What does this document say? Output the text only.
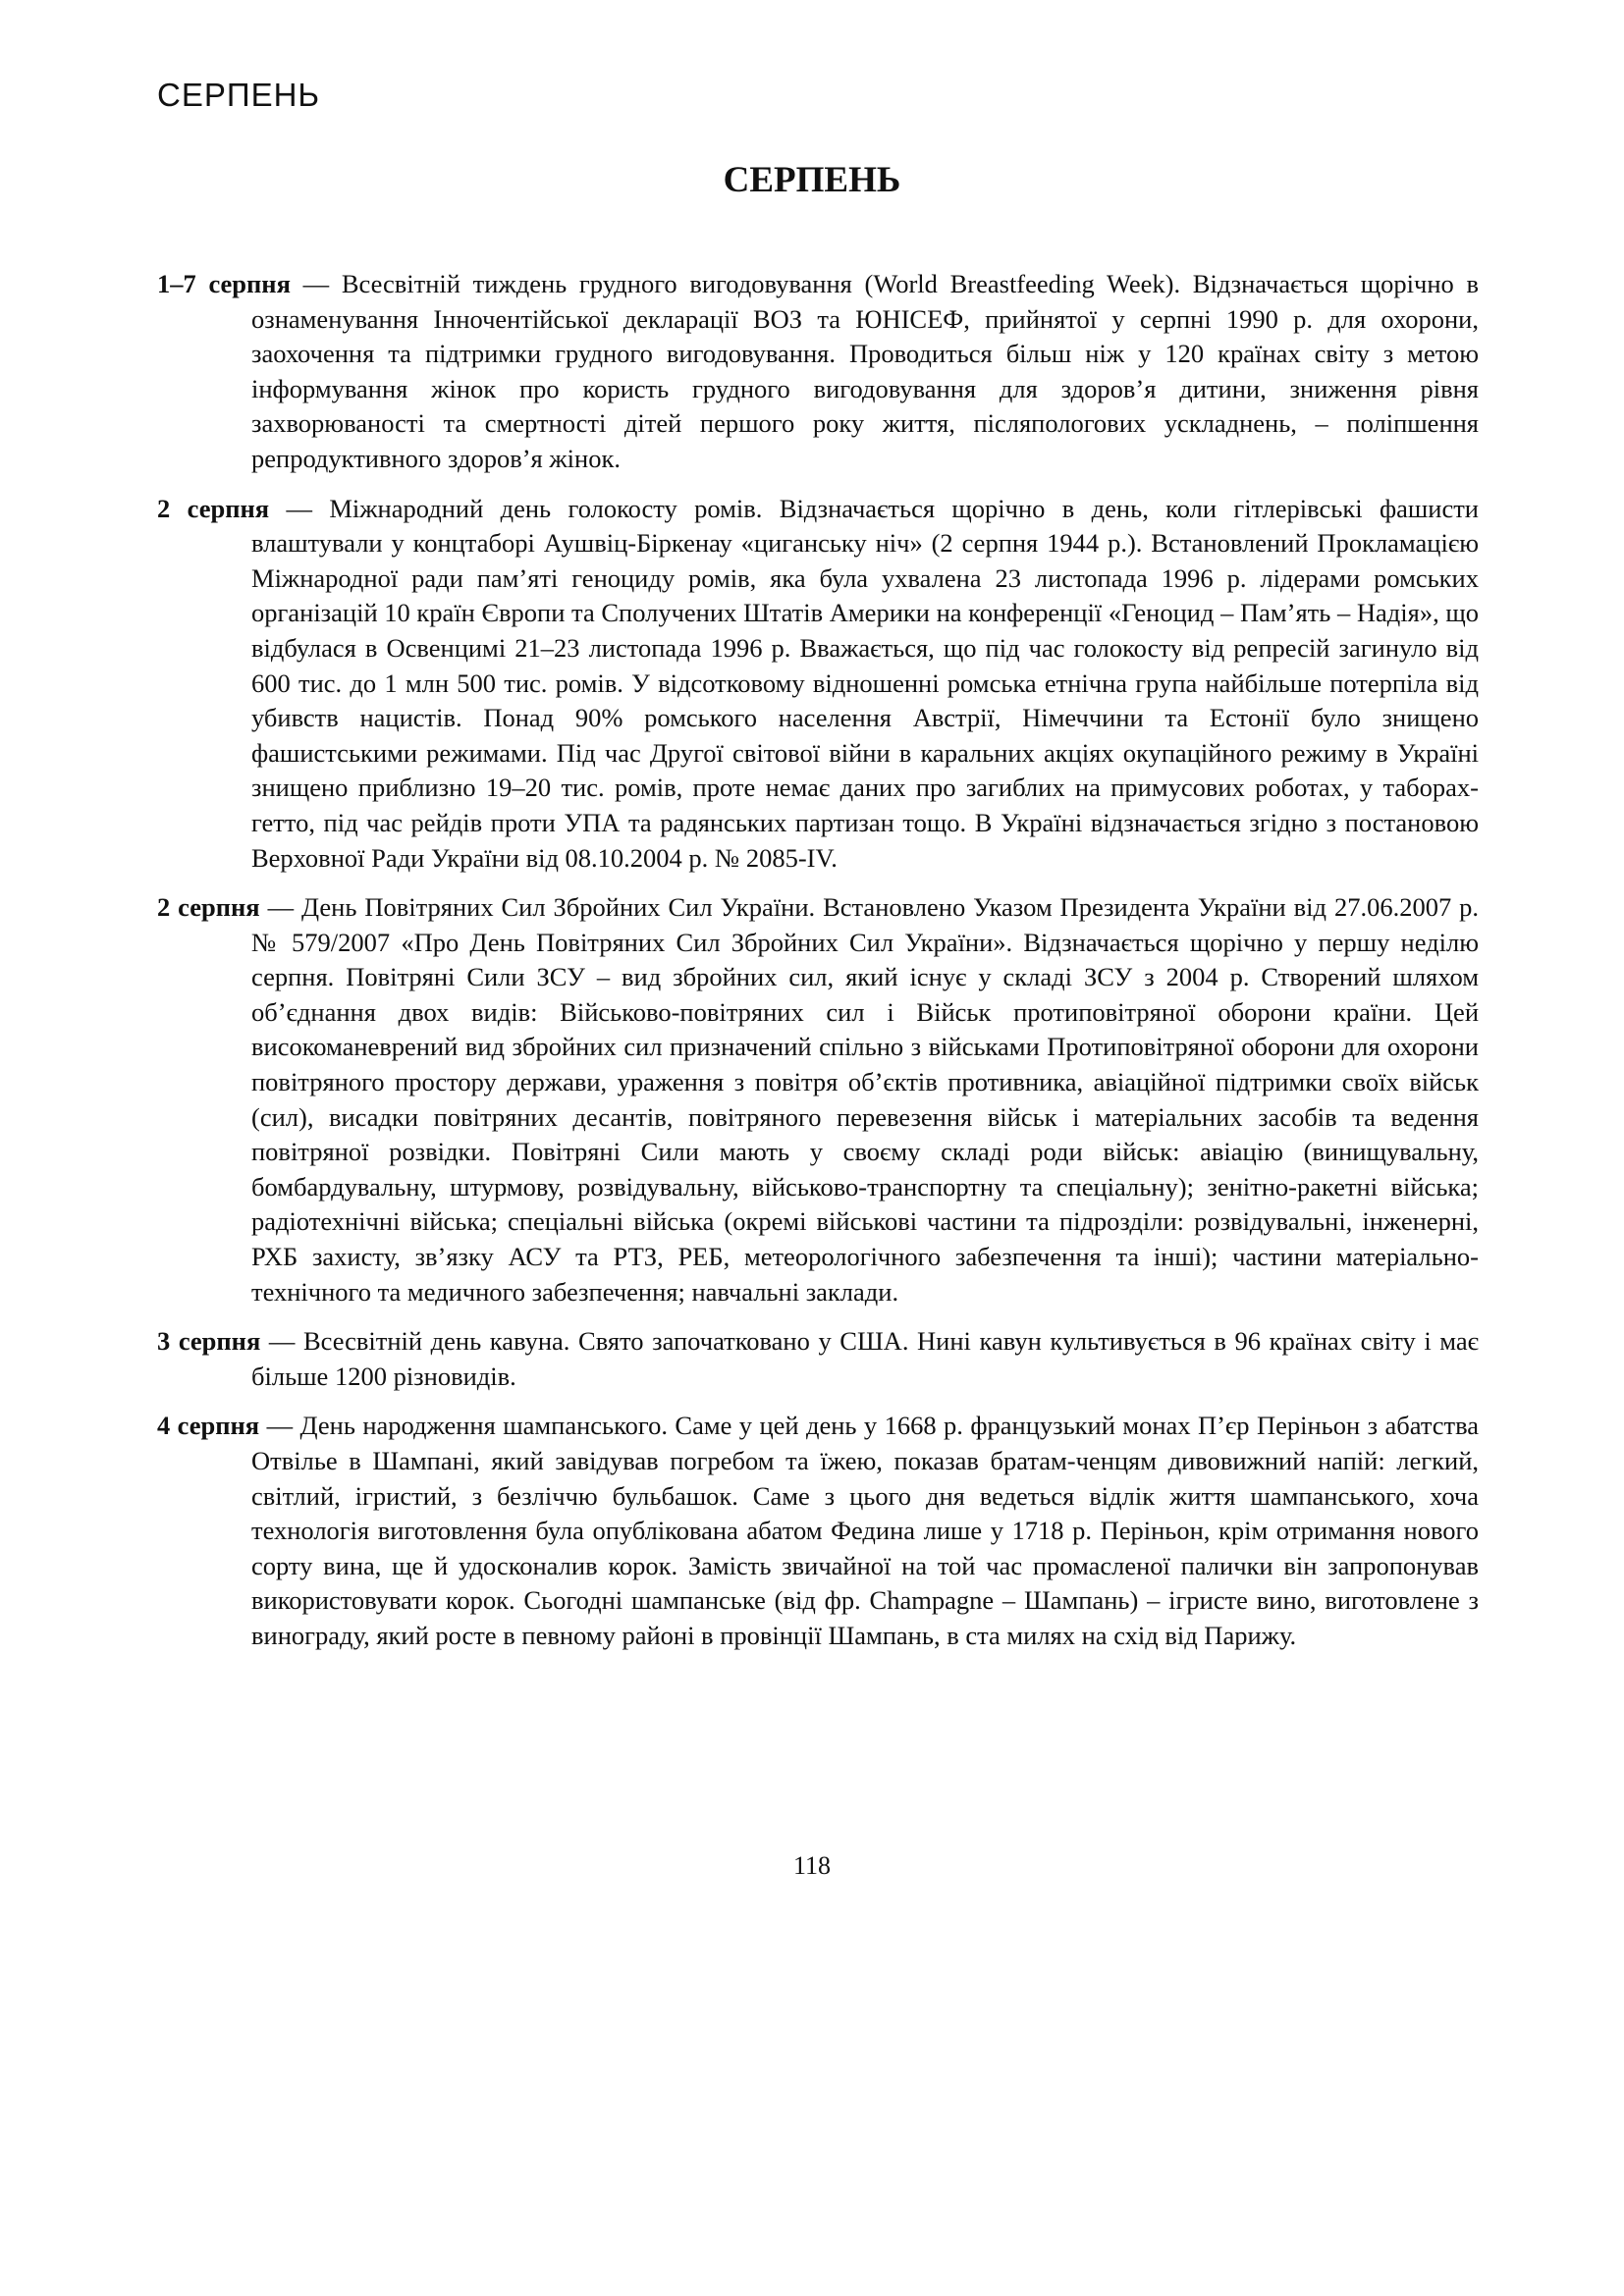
СЕРПЕНЬ
СЕРПЕНЬ

1–7 серпня — Всесвітній тиждень грудного вигодовування (World Breastfeeding Week). Відзначається щорічно в ознаменування Інночентійської декларації ВОЗ та ЮНІСЕФ, прийнятої у серпні 1990 р. для охорони, заохочення та підтримки грудного вигодовування. Проводиться більш ніж у 120 країнах світу з метою інформування жінок про користь грудного вигодовування для здоров’я дитини, зниження рівня захворюваності та смертності дітей першого року життя, післяпологових ускладнень, – поліпшення репродуктивного здоров’я жінок.

2 серпня — Міжнародний день голокосту ромів. Відзначається щорічно в день, коли гітлерівські фашисти влаштували у концтаборі Аушвіц-Біркенау «циганську ніч» (2 серпня 1944 р.). Встановлений Прокламацією Міжнародної ради пам’яті геноциду ромів, яка була ухвалена 23 листопада 1996 р. лідерами ромських організацій 10 країн Європи та Сполучених Штатів Америки на конференції «Геноцид – Пам’ять – Надія», що відбулася в Освенцимі 21–23 листопада 1996 р. Вважається, що під час голокосту від репресій загинуло від 600 тис. до 1 млн 500 тис. ромів. У відсотковому відношенні ромська етнічна група найбільше потерпіла від убивств нацистів. Понад 90% ромського населення Австрії, Німеччини та Естонії було знищено фашистськими режимами. Під час Другої світової війни в каральних акціях окупаційного режиму в Україні знищено приблизно 19–20 тис. ромів, проте немає даних про загиблих на примусових роботах, у таборах-гетто, під час рейдів проти УПА та радянських партизан тощо. В Україні відзначається згідно з постановою Верховної Ради України від 08.10.2004 р. № 2085-IV.

2 серпня — День Повітряних Сил Збройних Сил України. Встановлено Указом Президента України від 27.06.2007 р. № 579/2007 «Про День Повітряних Сил Збройних Сил України». Відзначається щорічно у першу неділю серпня. Повітряні Сили ЗСУ – вид збройних сил, який існує у складі ЗСУ з 2004 р. Створений шляхом об’єднання двох видів: Військово-повітряних сил і Військ протиповітряної оборони країни. Цей високоманеврений вид збройних сил призначений спільно з військами Протиповітряної оборони для охорони повітряного простору держави, ураження з повітря об’єктів противника, авіаційної підтримки своїх військ (сил), висадки повітряних десантів, повітряного перевезення військ і матеріальних засобів та ведення повітряної розвідки. Повітряні Сили мають у своєму складі роди військ: авіацію (винищувальну, бомбардувальну, штурмову, розвідувальну, військово-транспортну та спеціальну); зенітно-ракетні війська; радіотехнічні війська; спеціальні війська (окремі військові частини та підрозділи: розвідувальні, інженерні, РХБ захисту, зв’язку АСУ та РТЗ, РЕБ, метеорологічного забезпечення та інші); частини матеріально-технічного та медичного забезпечення; навчальні заклади.

3 серпня — Всесвітній день кавуна. Свято започатковано у США. Нині кавун культивується в 96 країнах світу і має більше 1200 різновидів.

4 серпня — День народження шампанського. Саме у цей день у 1668 р. французький монах П’єр Періньон з абатства Отвілье в Шампані, який завідував погребом та їжею, показав братам-ченцям дивовижний напій: легкий, світлий, ігристий, з безліччю бульбашок. Саме з цього дня ведеться відлік життя шампанського, хоча технологія виготовлення була опублікована абатом Федина лише у 1718 р. Періньон, крім отримання нового сорту вина, ще й удосконалив корок. Замість звичайної на той час промасленої палички він запропонував використовувати корок. Сьогодні шампанське (від фр. Champagne – Шампань) – ігристе вино, виготовлене з винограду, який росте в певному районі в провінції Шампань, в ста милях на схід від Парижу.

118
